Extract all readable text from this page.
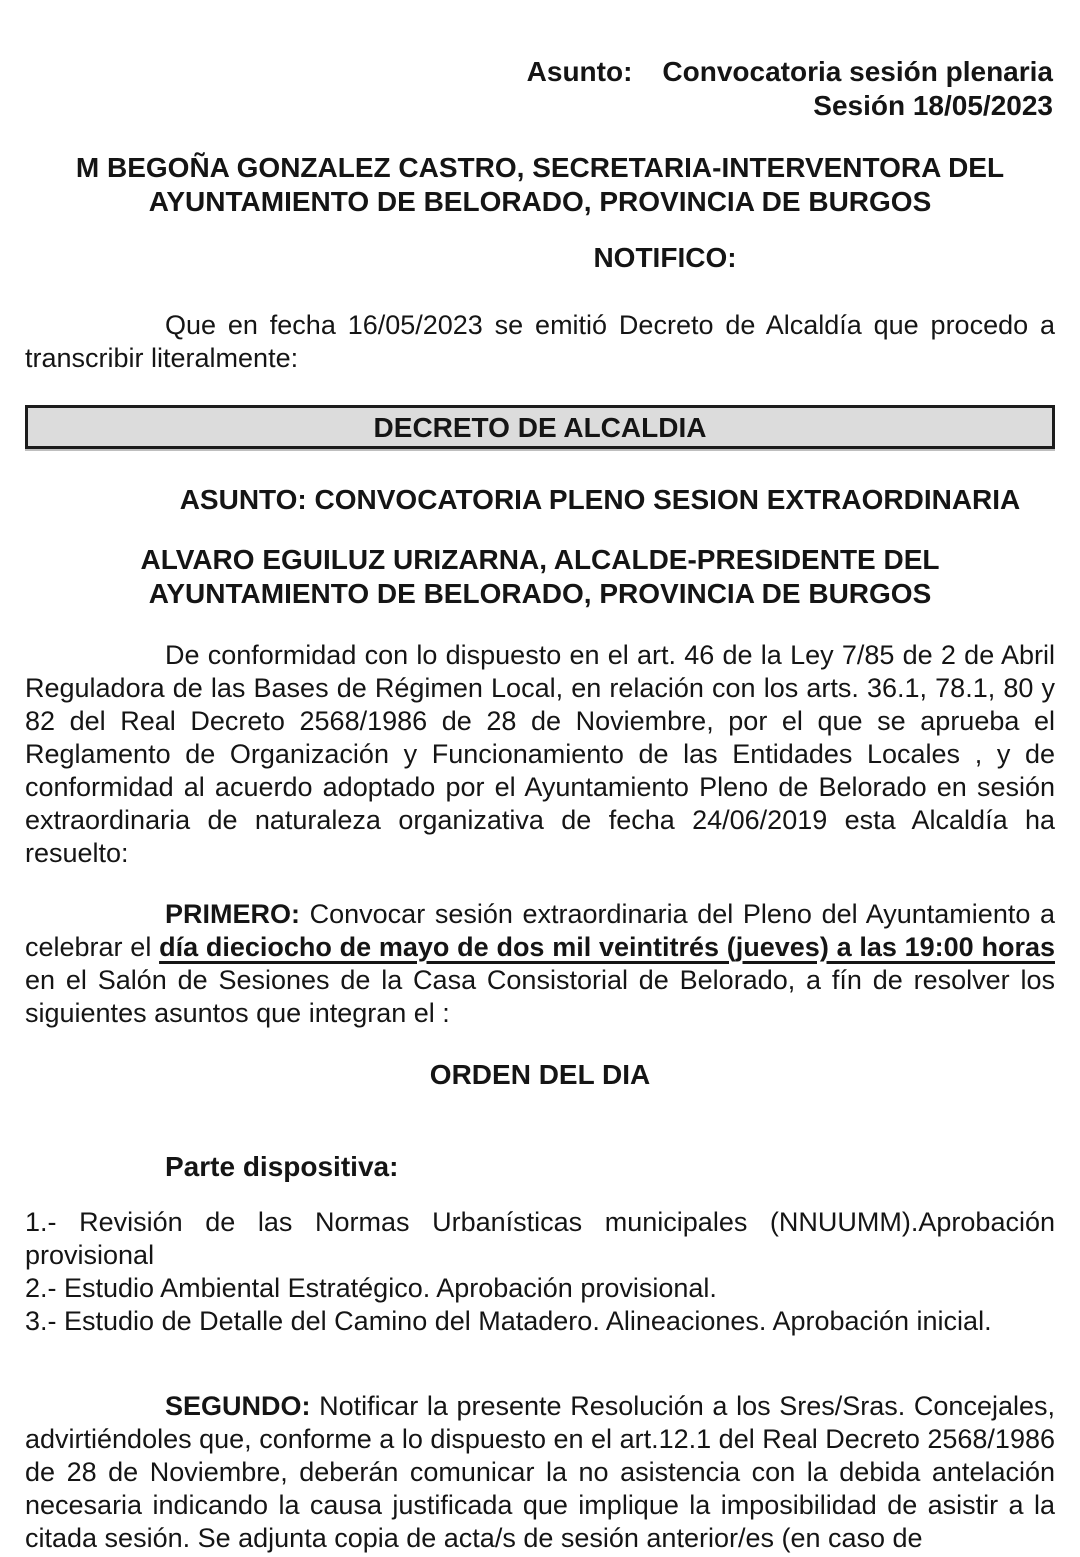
Asunto: Convocatoria sesión plenaria
Sesión 18/05/2023

M BEGOÑA GONZALEZ CASTRO, SECRETARIA-INTERVENTORA DEL AYUNTAMIENTO DE BELORADO, PROVINCIA DE BURGOS

NOTIFICO:

Que en fecha 16/05/2023 se emitió Decreto de Alcaldía que procedo a transcribir literalmente:

DECRETO DE ALCALDIA

ASUNTO: CONVOCATORIA PLENO SESION EXTRAORDINARIA

ALVARO EGUILUZ URIZARNA, ALCALDE-PRESIDENTE DEL AYUNTAMIENTO DE BELORADO, PROVINCIA DE BURGOS

De conformidad con lo dispuesto en el art. 46 de la Ley 7/85 de 2 de Abril Reguladora de las Bases de Régimen Local, en relación con los arts. 36.1, 78.1, 80 y 82 del Real Decreto 2568/1986 de 28 de Noviembre, por el que se aprueba el Reglamento de Organización y Funcionamiento de las Entidades Locales , y de conformidad al acuerdo adoptado por el Ayuntamiento Pleno de Belorado en sesión extraordinaria de naturaleza organizativa de fecha 24/06/2019 esta Alcaldía ha resuelto:

PRIMERO: Convocar sesión extraordinaria del Pleno del Ayuntamiento a celebrar el día dieciocho de mayo de dos mil veintitrés (jueves) a las 19:00 horas en el Salón de Sesiones de la Casa Consistorial de Belorado, a fín de resolver los siguientes asuntos que integran el :

ORDEN DEL DIA

Parte dispositiva:

1.- Revisión de las Normas Urbanísticas municipales (NNUUMM).Aprobación provisional

2.- Estudio Ambiental Estratégico. Aprobación provisional.

3.- Estudio de Detalle del Camino del Matadero. Alineaciones. Aprobación inicial.

SEGUNDO: Notificar la presente Resolución a los Sres/Sras. Concejales, advirtiéndoles que, conforme a lo dispuesto en el art.12.1 del Real Decreto 2568/1986 de 28 de Noviembre, deberán comunicar la no asistencia con la debida antelación necesaria indicando la causa justificada que implique la imposibilidad de asistir a la citada sesión. Se adjunta copia de acta/s de sesión anterior/es (en caso de
